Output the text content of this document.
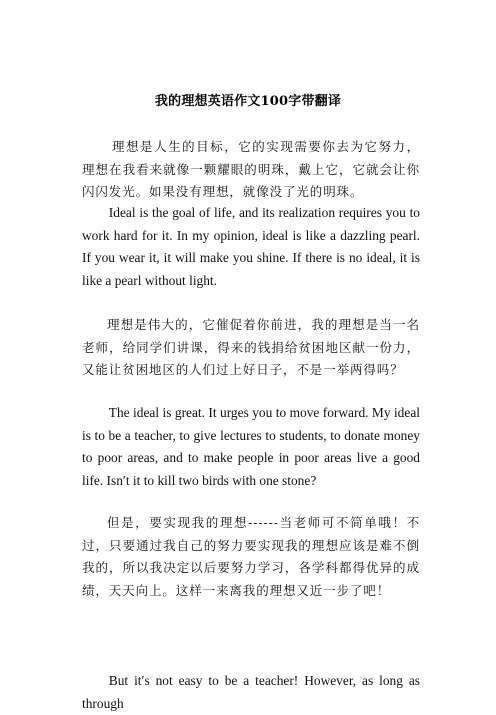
我的理想英语作文100字带翻译

理想是人生的目标，它的实现需要你去为它努力，理想在我看来就像一颗耀眼的明珠，戴上它，它就会让你闪闪发光。如果没有理想，就像没了光的明珠。

Ideal is the goal of life, and its realization requires you to work hard for it. In my opinion, ideal is like a dazzling pearl. If you wear it, it will make you shine. If there is no ideal, it is like a pearl without light.

理想是伟大的，它催促着你前进，我的理想是当一名老师，给同学们讲课，得来的钱捐给贫困地区献一份力，又能让贫困地区的人们过上好日子，不是一举两得吗？

The ideal is great. It urges you to move forward. My ideal is to be a teacher, to give lectures to students, to donate money to poor areas, and to make people in poor areas live a good life. Isn′t it to kill two birds with one stone?

但是，要实现我的理想------当老师可不简单哦！不过，只要通过我自己的努力要实现我的理想应该是难不倒我的，所以我决定以后要努力学习，各学科都得优异的成绩，天天向上。这样一来离我的理想又近一步了吧！

But it′s not easy to be a teacher! However, as long as through
